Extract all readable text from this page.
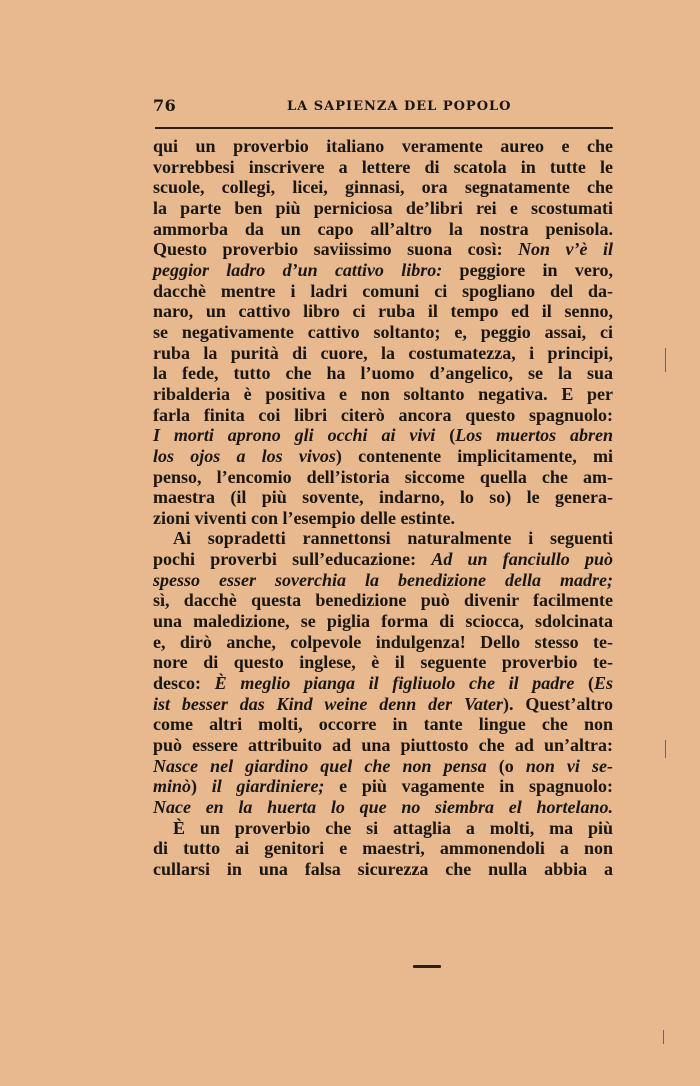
76	LA SAPIENZA DEL POPOLO
qui un proverbio italiano veramente aureo e che
vorrebbesi inscrivere a lettere di scatola in tutte le
scuole, collegi, licei, ginnasi, ora segnatamente che
la parte ben più perniciosa de’libri rei e scostumati
ammorba da un capo all’altro la nostra penisola.
Questo proverbio saviissimo suona così: Non v’è il
peggior ladro d’un cattivo libro: peggiore in vero,
dacchè mentre i ladri comuni ci spogliano del da-
naro, un cattivo libro ci ruba il tempo ed il senno,
se negativamente cattivo soltanto; e, peggio assai, ci
ruba la purità di cuore, la costumatezza, i principi,
la fede, tutto che ha l’uomo d’angelico, se la sua
ribalderia è positiva e non soltanto negativa. E per
farla finita coi libri citerò ancora questo spagnuolo:
I morti aprono gli occhi ai vivi (Los muertos abren
los ojos a los vivos) contenente implicitamente, mi
penso, l’encomio dell’istoria siccome quella che am-
maestra (il più sovente, indarno, lo so) le genera-
zioni viventi con l’esempio delle estinte.
Ai sopradetti rannettonsi naturalmente i seguenti
pochi proverbi sull’educazione: Ad un fanciullo può
spesso esser soverchia la benedizione della madre;
sì, dacchè questa benedizione può divenir facilmente
una maledizione, se piglia forma di sciocca, sdolcinata
e, dirò anche, colpevole indulgenza! Dello stesso te-
nore di questo inglese, è il seguente proverbio te-
desco: È meglio pianga il figliuolo che il padre (Es
ist besser das Kind weine denn der Vater). Quest’altro
come altri molti, occorre in tante lingue che non
può essere attribuito ad una piuttosto che ad un’altra:
Nasce nel giardino quel che non pensa (o non vi se-
minò) il giardiniere; e più vagamente in spagnuolo:
Nace en la huerta lo que no siembra el hortelano.
È un proverbio che si attaglia a molti, ma più
di tutto ai genitori e maestri, ammonendoli a non
cullarsi in una falsa sicurezza che nulla abbia a
